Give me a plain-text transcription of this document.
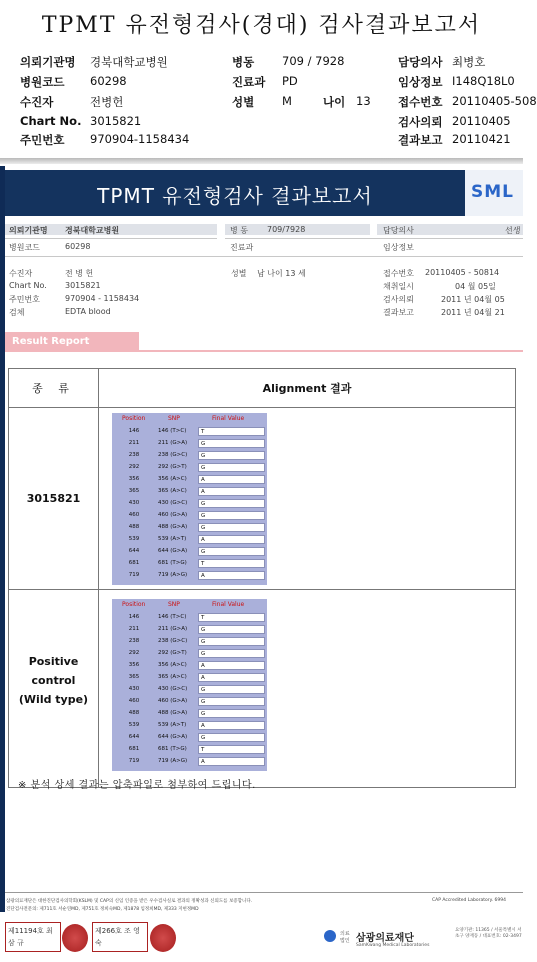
TPMT 유전형검사(경대) 검사결과보고서
의뢰기관명 경북대학교병원	병동 709 / 7928	담당의사 최병호
병원코드 60298	진료과 PD	임상정보 I148Q18L0
수진자	전병헌	성별 M	나이 13 접수번호 20110405-508
Chart No. 3015821	검사의뢰 20110405
주민번호 970904-1158434	결과보고 20110421
TPMT 유전형검사 결과보고서	SML
의뢰기관명 경북대학교병원	병 동 709/7928	담당의사	선생
병원코드	60298	진료과	임상정보
수진자	전 병 헌	성별 남 나이 13 세	접수번호 20110405 - 50814
Chart No. 3015821	채취일시	04 월 05일
주민번호	970904 - 1158434	검사의뢰	2011 년 04월 05
검체	EDTA blood	결과보고	2011 년 04월 21
Result Report
종 류	Alignment 결과
3015821
Positive
control
(Wild type)
Position	SNP	Final Value
146	146 (T>C)	T
211	211 (G>A)	G
238	238 (G>C)	G
292	292 (G>T)	G
356	356 (A>C)	A
365	365 (A>C)	A
430	430 (G>C)	G
460	460 (G>A)	G
488	488 (G>A)	G
539	539 (A>T)	A
644	644 (G>A)	G
681	681 (T>G)	T
719	719 (A>G)	A
Position	SNP	Final Value
146	146 (T>C)	T
211	211 (G>A)	G
238	238 (G>C)	G
292	292 (G>T)	G
356	356 (A>C)	A
365	365 (A>C)	A
430	430 (G>C)	G
460	460 (G>A)	G
488	488 (G>A)	G
539	539 (A>T)	A
644	644 (G>A)	G
681	681 (T>G)	T
719	719 (A>G)	A
※ 분석 상세 결과는 압축파일로 첨부하여 드립니다.
삼광의료재단은 대한진단검사의학회(KSLM) 및 CAP의 신임 인증을 받은 우수검사실로 결과의 정확성과 신뢰도를 보증합니다.
진단검사전문의: 제711호 서순연MD, 제751호 정희숙MD, 제1878 임정희MD, 제333 지현정MD
CAP Accredited Laboratory. 6994
제11194호 최 삼 규
제266호 조 영 숙
의료법인 삼광의료재단
SamKwang Medical Laboratories
요양기관: 11365 / 서울특별시 서초구 양재동 / 대표번호: 02-3497
